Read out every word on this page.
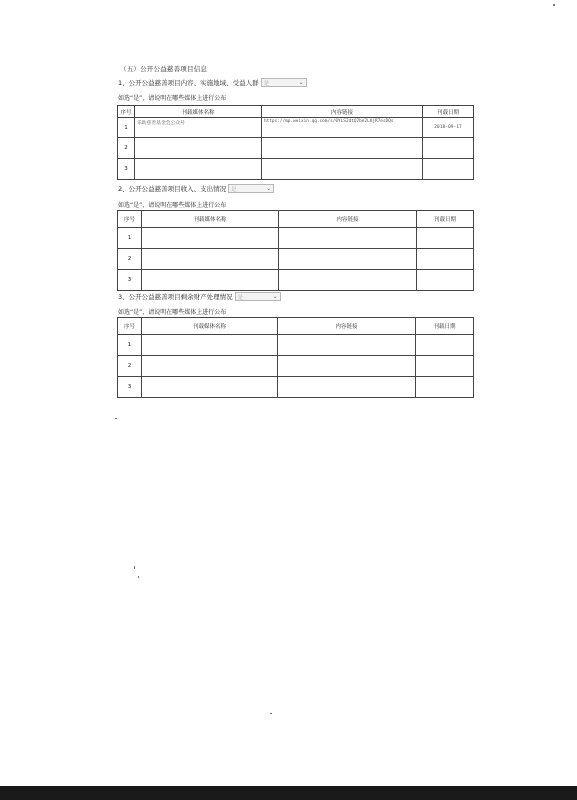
（五）公开公益慈善项目信息
1、公开公益慈善项目内容、实施地域、受益人群 是	⌄
如选“是”，请说明在哪些媒体上进行公布
序号	刊载媒体名称	内容链接	刊载日期
1	乐助慈善基金会公众号	https://mp.weixin.qq.com/s/0YLS2dtQ7be2LKjR7esDQs	2018-09-17
2			
3			
2、公开公益慈善项目收入、支出情况 是	⌄
如选“是”，请说明在哪些媒体上进行公布
序号	刊载媒体名称	内容链接	刊载日期
1			
2			
3			
3、公开公益慈善项目剩余财产处理情况 是	⌄
如选“是”，请说明在哪些媒体上进行公布
序号	刊载媒体名称	内容链接	刊载日期
1			
2			
3			
